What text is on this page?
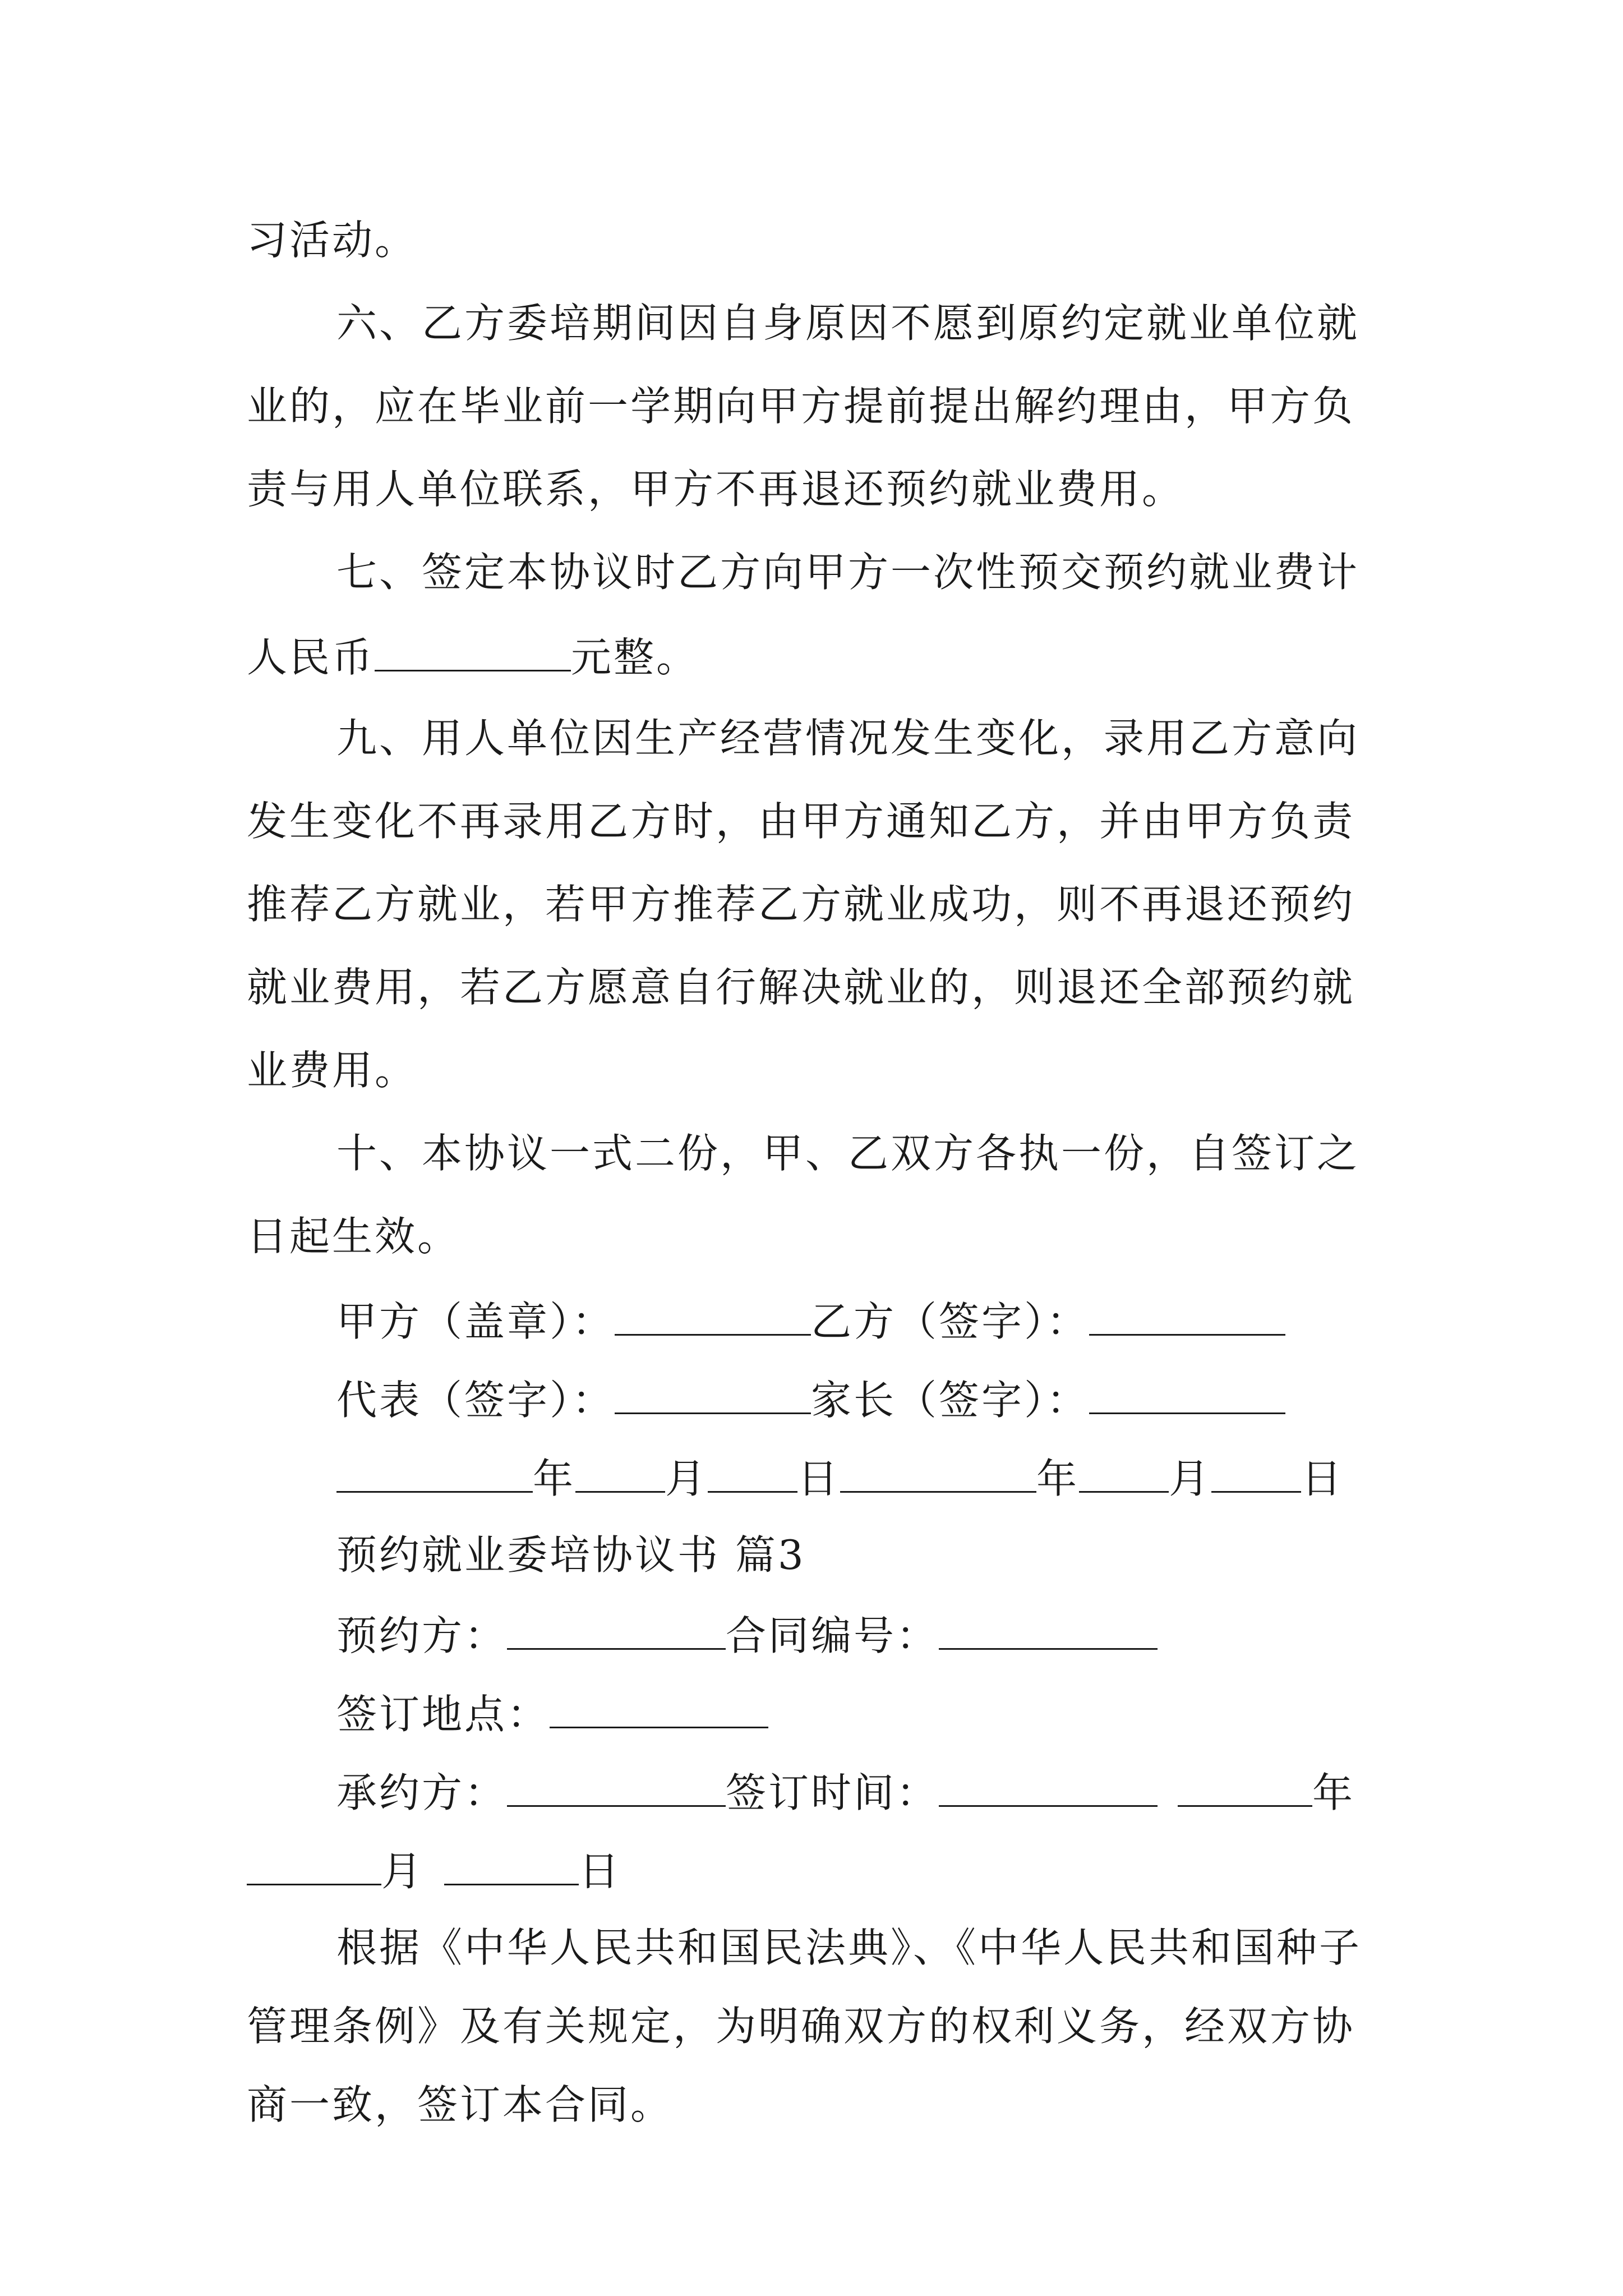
习活动。
六、乙方委培期间因自身原因不愿到原约定就业单位就
业的，应在毕业前一学期向甲方提前提出解约理由，甲方负
责与用人单位联系，甲方不再退还预约就业费用。
七、签定本协议时乙方向甲方一次性预交预约就业费计
人民币	元整。
九、用人单位因生产经营情况发生变化，录用乙方意向
发生变化不再录用乙方时，由甲方通知乙方，并由甲方负责
推荐乙方就业，若甲方推荐乙方就业成功，则不再退还预约
就业费用，若乙方愿意自行解决就业的，则退还全部预约就
业费用。
十、本协议一式二份，甲、乙双方各执一份，自签订之
日起生效。
甲方（盖章）：	乙方（签字）：
代表（签字）：	家长（签字）：
年 月 日	年 月 日
预约就业委培协议书 篇3
预约方：	合同编号：
签订地点：
承约方：	签订时间：	年
月	日
根据《中华人民共和国民法典》、《中华人民共和国种子
管理条例》及有关规定，为明确双方的权利义务，经双方协
商一致，签订本合同。
